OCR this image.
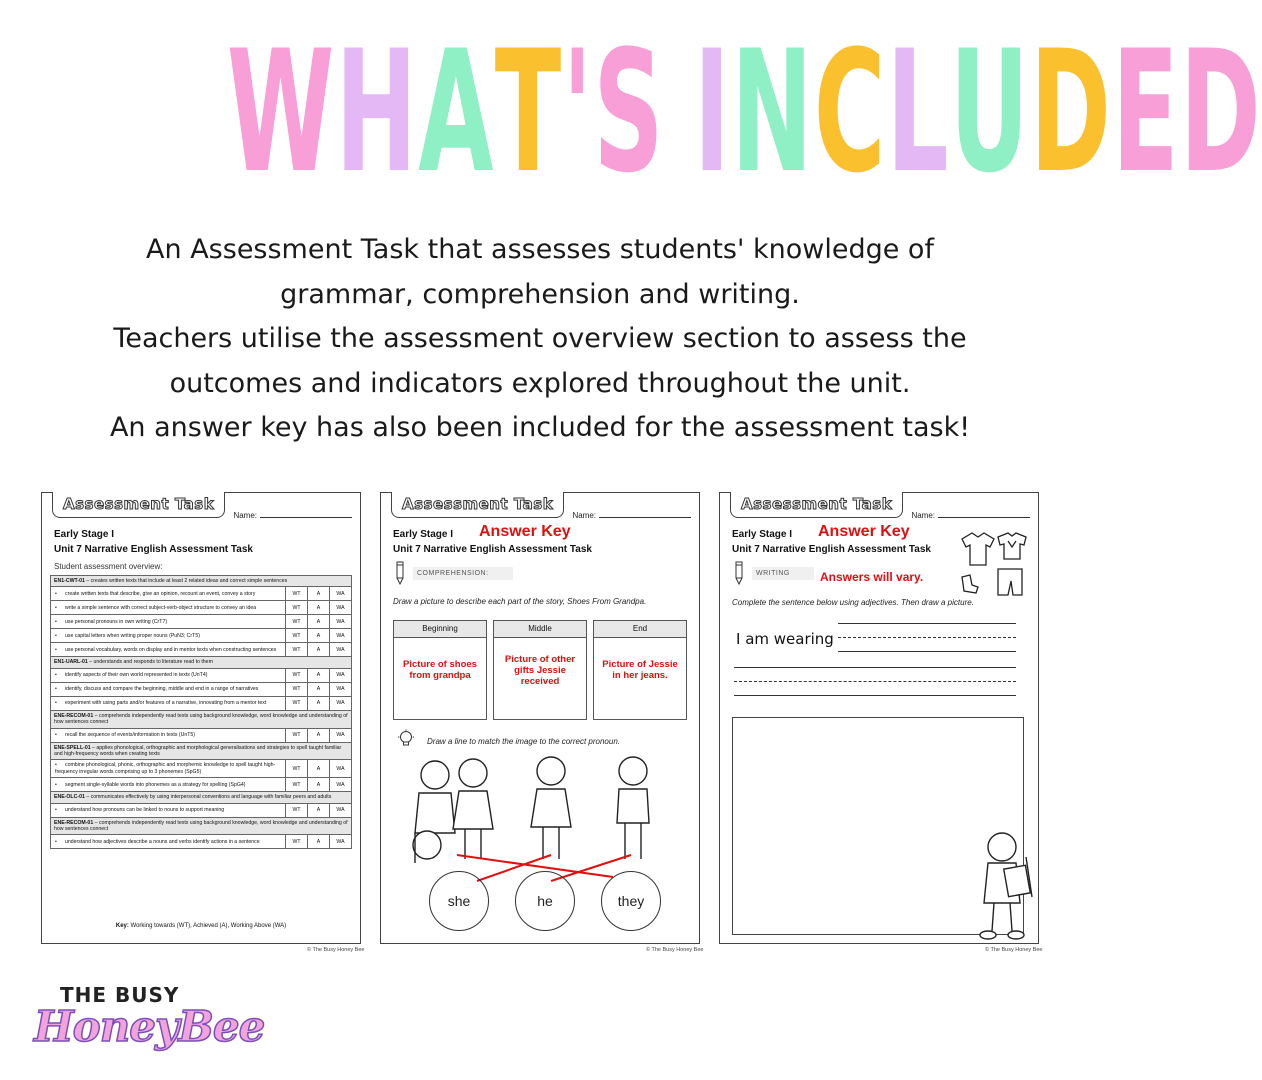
WHAT'S INCLUDED
An Assessment Task that assesses students' knowledge of
grammar, comprehension and writing.
Teachers utilise the assessment overview section to assess the
outcomes and indicators explored throughout the unit.
An answer key has also been included for the assessment task!
Assessment Task
Name:
Early Stage I
Unit 7 Narrative English Assessment Task
Student assessment overview:
EN1-CWT-01 – creates written texts that include at least 2 related ideas and correct simple sentences			
• create written texts that describe, give an opinion, recount an event, convey a story	WT	A	WA
• write a simple sentence with correct subject-verb-object structure to convey an idea	WT	A	WA
• use personal pronouns in own writing (CrT7)	WT	A	WA
• use capital letters when writing proper nouns (PuN3; CrT5)	WT	A	WA
• use personal vocabulary, words on display and in mentor texts when constructing sentences	WT	A	WA
EN1-UARL-01 – understands and responds to literature read to them			
• identify aspects of their own world represented in texts (UnT4)	WT	A	WA
• identify, discuss and compare the beginning, middle and end in a range of narratives	WT	A	WA
• experiment with using parts and/or features of a narrative, innovating from a mentor text	WT	A	WA
ENE-RECOM-01 – comprehends independently read texts using background knowledge, word knowledge and understanding of how sentences connect			
• recall the sequence of events/information in texts (UnT5)	WT	A	WA
ENE-SPELL-01 – applies phonological, orthographic and morphological generalisations and strategies to spell taught familiar and high-frequency words when creating texts			
• combine phonological, phonic, orthographic and morphemic knowledge to spell taught high-frequency irregular words comprising up to 3 phonemes (SpG5)	WT	A	WA
• segment single-syllable words into phonemes as a strategy for spelling (SpG4)	WT	A	WA
ENE-OLC-01 – communicates effectively by using interpersonal conventions and language with familiar peers and adults			
• understand how pronouns can be linked to nouns to support meaning	WT	A	WA
ENE-RECOM-01 – comprehends independently read texts using background knowledge, word knowledge and understanding of how sentences connect			
• understand how adjectives describe a nouns and verbs identify actions in a sentence	WT	A	WA
Key: Working towards (WT), Achieved (A), Working Above (WA)
© The Busy Honey Bee
Assessment Task
Name:
Early Stage I Answer Key
Unit 7 Narrative English Assessment Task
COMPREHENSION:
Draw a picture to describe each part of the story, Shoes From Grandpa.
Beginning
Picture of shoes from grandpa
Middle
Picture of other gifts Jessie received
End
Picture of Jessie in her jeans.
Draw a line to match the image to the correct pronoun.
she	he	they
© The Busy Honey Bee
Assessment Task
Name:
Early Stage I Answer Key
Unit 7 Narrative English Assessment Task
WRITING	Answers will vary.
Complete the sentence below using adjectives. Then draw a picture.
I am wearing
© The Busy Honey Bee
THE BUSY
HoneyBee
